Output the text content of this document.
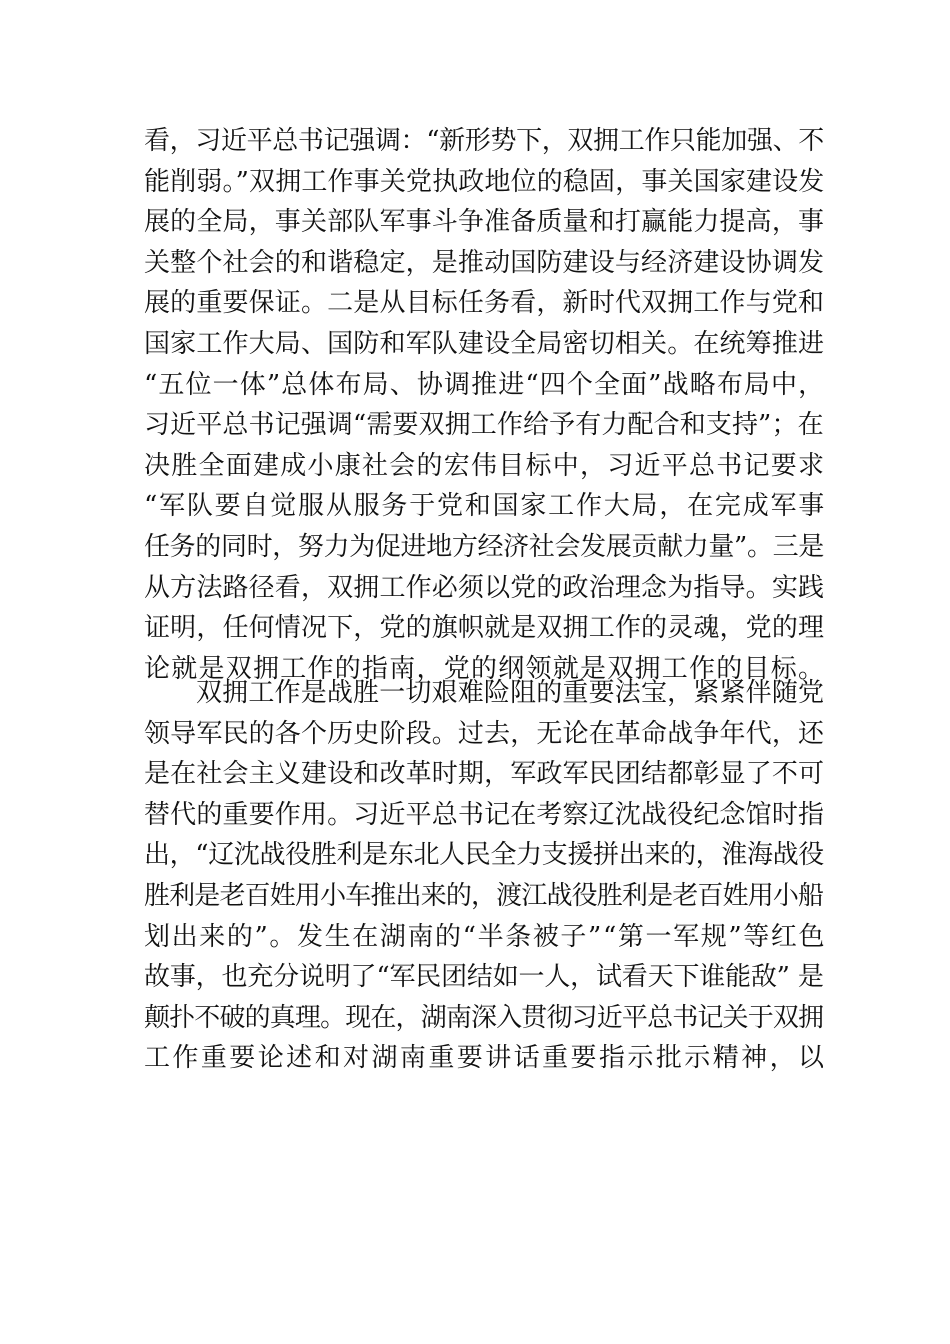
看，习近平总书记强调：“新形势下，双拥工作只能加强、不
能削弱。”双拥工作事关党执政地位的稳固，事关国家建设发
展的全局，事关部队军事斗争准备质量和打赢能力提高，事
关整个社会的和谐稳定，是推动国防建设与经济建设协调发
展的重要保证。二是从目标任务看，新时代双拥工作与党和
国家工作大局、国防和军队建设全局密切相关。在统筹推进
“五位一体”总体布局、协调推进“四个全面”战略布局中，
习近平总书记强调“需要双拥工作给予有力配合和支持”；在
决胜全面建成小康社会的宏伟目标中，习近平总书记要求
“军队要自觉服从服务于党和国家工作大局，在完成军事
任务的同时，努力为促进地方经济社会发展贡献力量”。三是
从方法路径看，双拥工作必须以党的政治理念为指导。实践
证明，任何情况下，党的旗帜就是双拥工作的灵魂，党的理
论就是双拥工作的指南，党的纲领就是双拥工作的目标。
双拥工作是战胜一切艰难险阻的重要法宝，紧紧伴随党
领导军民的各个历史阶段。过去，无论在革命战争年代，还
是在社会主义建设和改革时期，军政军民团结都彰显了不可
替代的重要作用。习近平总书记在考察辽沈战役纪念馆时指
出，“辽沈战役胜利是东北人民全力支援拼出来的，淮海战役
胜利是老百姓用小车推出来的，渡江战役胜利是老百姓用小船
划出来的”。发生在湖南的“半条被子”“第一军规”等红色
故事，也充分说明了“军民团结如一人，试看天下谁能敌” 是
颠扑不破的真理。现在，湖南深入贯彻习近平总书记关于双拥
工作重要论述和对湖南重要讲话重要指示批示精神，以
